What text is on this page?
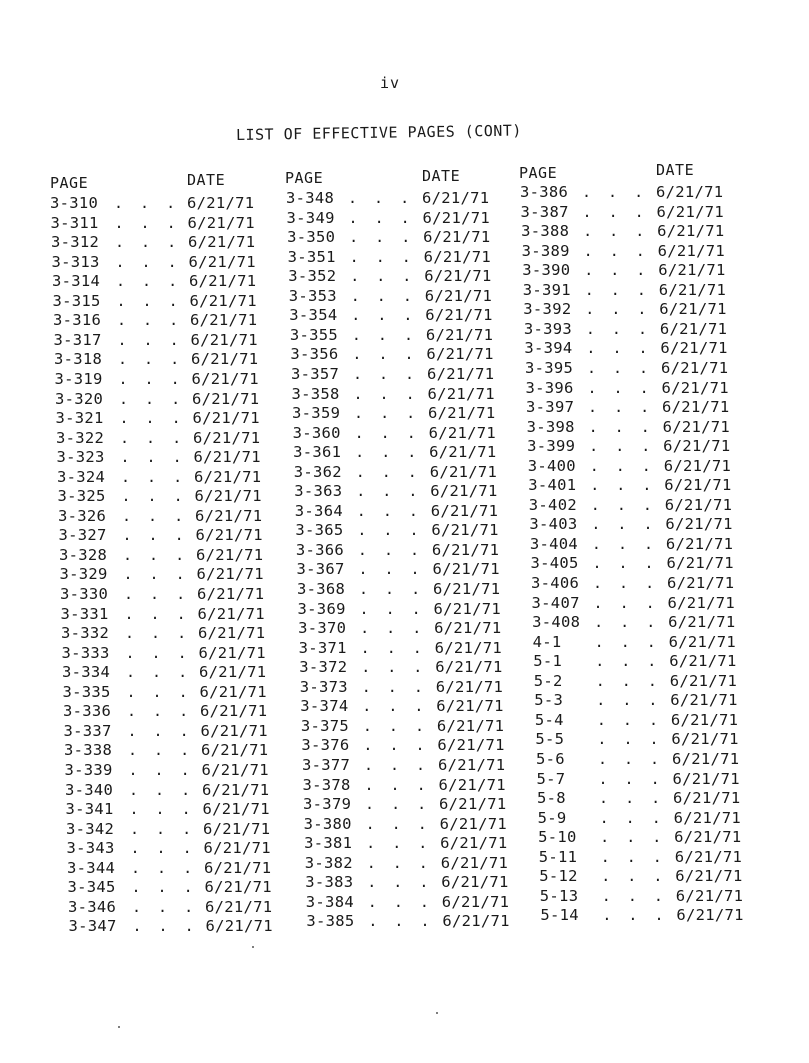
iv
LIST OF EFFECTIVE PAGES (CONT)
PAGE	DATE
3-310 . . . 6/21/71
3-311 . . . 6/21/71
3-312 . . . 6/21/71
3-313 . . . 6/21/71
3-314 . . . 6/21/71
3-315 . . . 6/21/71
3-316 . . . 6/21/71
3-317 . . . 6/21/71
3-318 . . . 6/21/71
3-319 . . . 6/21/71
3-320 . . . 6/21/71
3-321 . . . 6/21/71
3-322 . . . 6/21/71
3-323 . . . 6/21/71
3-324 . . . 6/21/71
3-325 . . . 6/21/71
3-326 . . . 6/21/71
3-327 . . . 6/21/71
3-328 . . . 6/21/71
3-329 . . . 6/21/71
3-330 . . . 6/21/71
3-331 . . . 6/21/71
3-332 . . . 6/21/71
3-333 . . . 6/21/71
3-334 . . . 6/21/71
3-335 . . . 6/21/71
3-336 . . . 6/21/71
3-337 . . . 6/21/71
3-338 . . . 6/21/71
3-339 . . . 6/21/71
3-340 . . . 6/21/71
3-341 . . . 6/21/71
3-342 . . . 6/21/71
3-343 . . . 6/21/71
3-344 . . . 6/21/71
3-345 . . . 6/21/71
3-346 . . . 6/21/71
3-347 . . . 6/21/71
PAGE	DATE
3-348 . . . 6/21/71
3-349 . . . 6/21/71
3-350 . . . 6/21/71
3-351 . . . 6/21/71
3-352 . . . 6/21/71
3-353 . . . 6/21/71
3-354 . . . 6/21/71
3-355 . . . 6/21/71
3-356 . . . 6/21/71
3-357 . . . 6/21/71
3-358 . . . 6/21/71
3-359 . . . 6/21/71
3-360 . . . 6/21/71
3-361 . . . 6/21/71
3-362 . . . 6/21/71
3-363 . . . 6/21/71
3-364 . . . 6/21/71
3-365 . . . 6/21/71
3-366 . . . 6/21/71
3-367 . . . 6/21/71
3-368 . . . 6/21/71
3-369 . . . 6/21/71
3-370 . . . 6/21/71
3-371 . . . 6/21/71
3-372 . . . 6/21/71
3-373 . . . 6/21/71
3-374 . . . 6/21/71
3-375 . . . 6/21/71
3-376 . . . 6/21/71
3-377 . . . 6/21/71
3-378 . . . 6/21/71
3-379 . . . 6/21/71
3-380 . . . 6/21/71
3-381 . . . 6/21/71
3-382 . . . 6/21/71
3-383 . . . 6/21/71
3-384 . . . 6/21/71
3-385 . . . 6/21/71
PAGE	DATE
3-386 . . . 6/21/71
3-387 . . . 6/21/71
3-388 . . . 6/21/71
3-389 . . . 6/21/71
3-390 . . . 6/21/71
3-391 . . . 6/21/71
3-392 . . . 6/21/71
3-393 . . . 6/21/71
3-394 . . . 6/21/71
3-395 . . . 6/21/71
3-396 . . . 6/21/71
3-397 . . . 6/21/71
3-398 . . . 6/21/71
3-399 . . . 6/21/71
3-400 . . . 6/21/71
3-401 . . . 6/21/71
3-402 . . . 6/21/71
3-403 . . . 6/21/71
3-404 . . . 6/21/71
3-405 . . . 6/21/71
3-406 . . . 6/21/71
3-407 . . . 6/21/71
3-408 . . . 6/21/71
4-1 . . . 6/21/71
5-1 . . . 6/21/71
5-2 . . . 6/21/71
5-3 . . . 6/21/71
5-4 . . . 6/21/71
5-5 . . . 6/21/71
5-6 . . . 6/21/71
5-7 . . . 6/21/71
5-8 . . . 6/21/71
5-9 . . . 6/21/71
5-10 . . . 6/21/71
5-11 . . . 6/21/71
5-12 . . . 6/21/71
5-13 . . . 6/21/71
5-14 . . . 6/21/71
